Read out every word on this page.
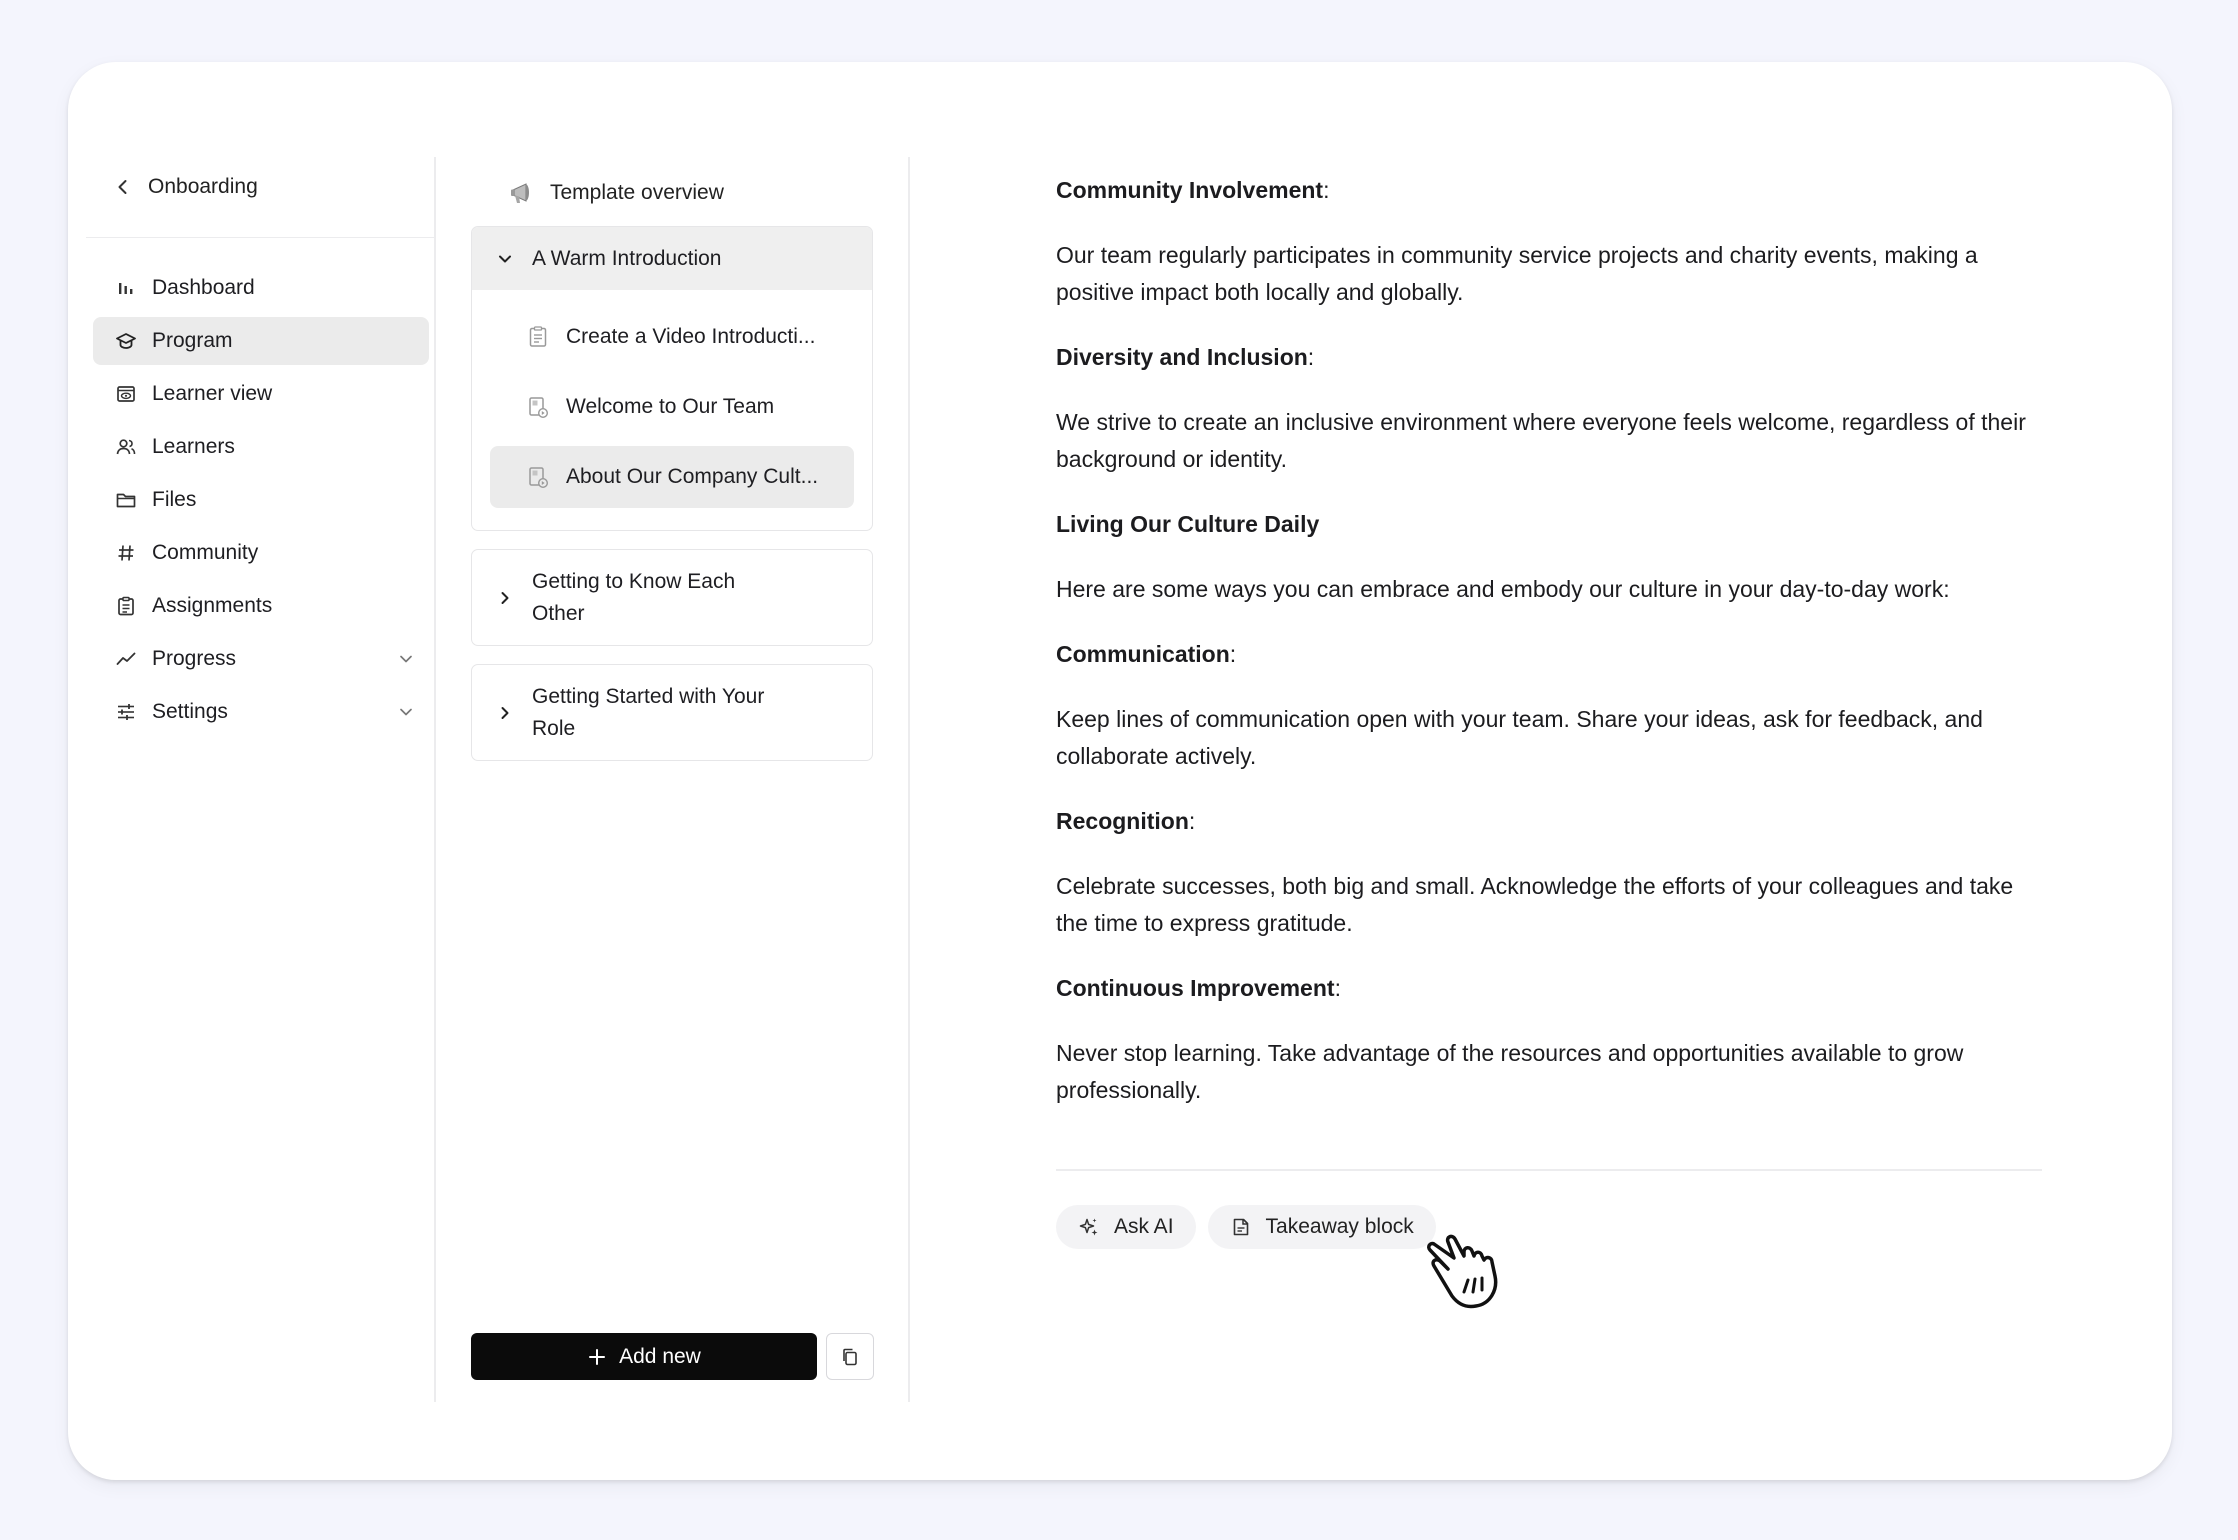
Onboarding
Dashboard
Program
Learner view
Learners
Files
Community
Assignments
Progress
Settings
Template overview
A Warm Introduction
Create a Video Introducti...
Welcome to Our Team
About Our Company Cult...
Getting to Know Each
Other
Getting Started with Your
Role
Add new
Community Involvement:
Our team regularly participates in community service projects and charity events, making a positive impact both locally and globally.
Diversity and Inclusion:
We strive to create an inclusive environment where everyone feels welcome, regardless of their background or identity.
Living Our Culture Daily
Here are some ways you can embrace and embody our culture in your day-to-day work:
Communication:
Keep lines of communication open with your team. Share your ideas, ask for feedback, and collaborate actively.
Recognition:
Celebrate successes, both big and small. Acknowledge the efforts of your colleagues and take the time to express gratitude.
Continuous Improvement:
Never stop learning. Take advantage of the resources and opportunities available to grow professionally.
Ask AI	Takeaway block
